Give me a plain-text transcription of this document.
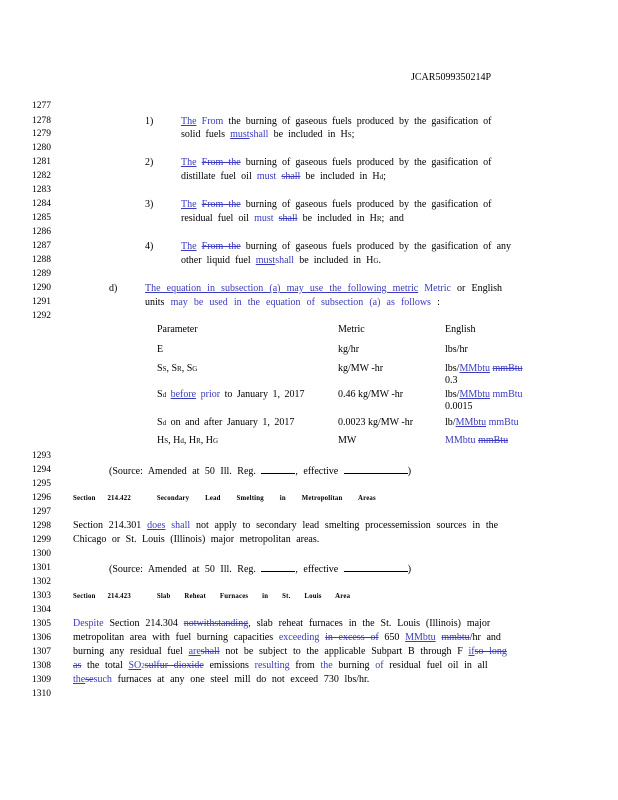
JCAR5099350214P
1277
1278
1279
1280
1281
1282
1283
1284
1285
1286
1287
1288
1289
1290
1291
1292
1293
1294
1295
1296
1297
1298
1299
1300
1301
1302
1303
1304
1305
1306
1307
1308
1309
1310
1)	The From the burning of gaseous fuels produced by the gasification of
solid fuels mustshall be included in HS;
2)	The From the burning of gaseous fuels produced by the gasification of
distillate fuel oil must shall be included in Hd;
3)	The From the burning of gaseous fuels produced by the gasification of
residual fuel oil must shall be included in HR; and
4)	The From the burning of gaseous fuels produced by the gasification of any
other liquid fuel mustshall be included in HG.
d)	The equation in subsection (a) may use the following metric Metric or English
units may be used in the equation of subsection (a) as follows :
Parameter	Metric	English
E	kg/hr	lbs/hr
SS, SR, SG	kg/MW -hr	lbs/MMbtu mmBtu
0.3
Sd before prior to January 1, 2017	0.46 kg/MW -hr	lbs/MMbtu mmBtu
0.0015
Sd on and after January 1, 2017	0.0023 kg/MW -hr	lb/MMbtu mmBtu
HS, Hd, HR, HG	MW	MMbtu mmBtu
(Source: Amended at 50 Ill. Reg.	, effective	)
Section 214.422	Secondary Lead Smelting in Metropolitan Areas
Section 214.301 does shall not apply to secondary lead smelting processemission sources in the
Chicago or St. Louis (Illinois) major metropolitan areas.
(Source: Amended at 50 Ill. Reg.	, effective	)
Section 214.423	Slab Reheat Furnaces in St. Louis Area
Despite Section 214.304 notwithstanding, slab reheat furnaces in the St. Louis (Illinois) major
metropolitan area with fuel burning capacities exceeding in excess of 650 MMbtu mmbtu/hr and
burning any residual fuel areshall not be subject to the applicable Subpart B through F ifso long
as the total SO2sulfur dioxide emissions resulting from the burning of residual fuel oil in all
thesesuch furnaces at any one steel mill do not exceed 730 lbs/hr.
